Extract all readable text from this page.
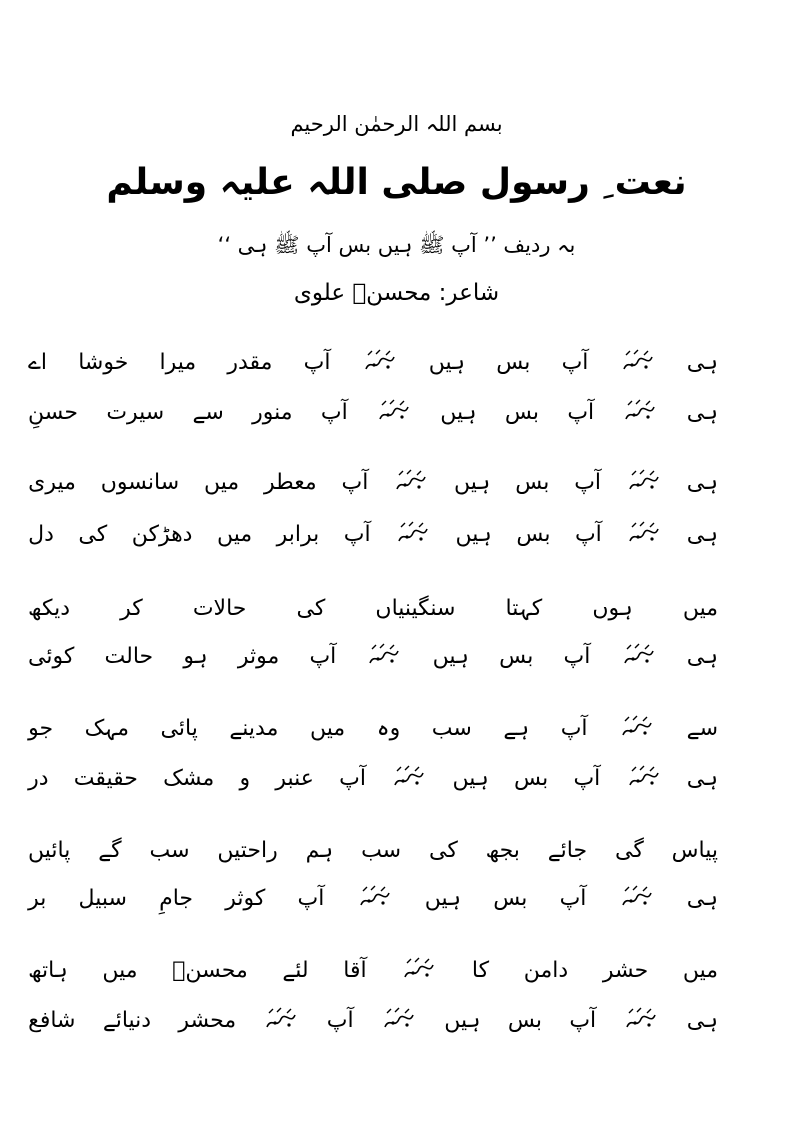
بسم اللہ الرحمٰن الرحیم
نعت ِ رسول صلی اللہ علیہ وسلم
بہ ردیف ’’ آپ ﷺ ہیں بس آپ ﷺ ہی ‘‘
شاعر: محسنؔ علوی
اے خوشا میرا مقدر آپ	ہیں بس آپ	ہی
حسنِ سیرت سے منور آپ	ہیں بس آپ	ہی
میری سانسوں میں معطر آپ	ہیں بس آپ	ہی
دل کی دھڑکن میں برابر آپ	ہیں بس آپ	ہی
دیکھ کر حالات کی سنگینیاں کہتا ہوں میں
کوئی حالت ہو موثر آپ	ہیں بس آپ	ہی
جو مہک پائی مدینے میں وہ سب ہے آپ	سے
در حقیقت مشک و عنبر آپ	ہیں بس آپ	ہی
پائیں گے سب راحتیں ہم سب کی بجھ جائے گی پیاس
بر سبیل جامِ کوثر آپ	ہیں بس آپ	ہی
ہاتھ میں محسنؔ لئے آقا	کا دامن حشر میں
شافع دنیائے محشر	آپ	ہیں بس آپ	ہی
